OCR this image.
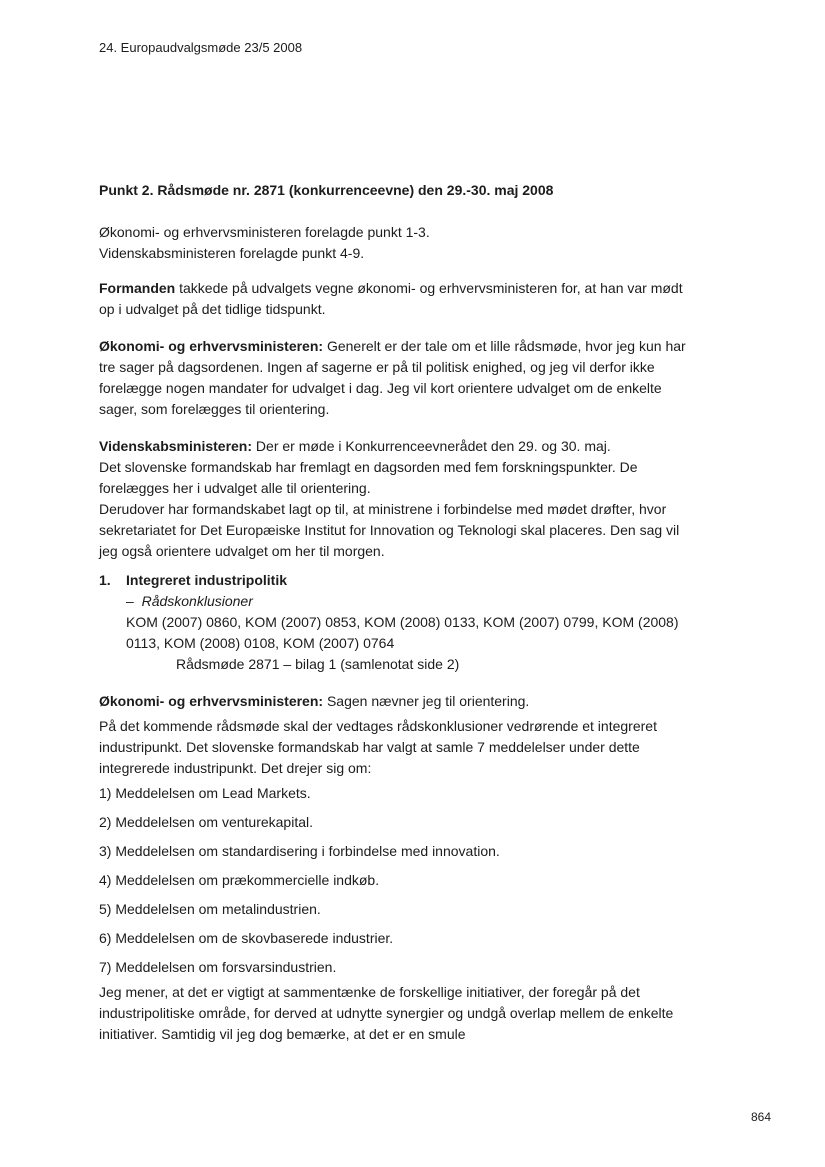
24. Europaudvalgsmøde 23/5 2008

Punkt 2. Rådsmøde nr. 2871 (konkurrenceevne) den 29.-30. maj 2008

Økonomi- og erhvervsministeren forelagde punkt 1-3.

Videnskabsministeren forelagde punkt 4-9.

Formanden takkede på udvalgets vegne økonomi- og erhvervsministeren for, at han var mødt op i udvalget på det tidlige tidspunkt.

Økonomi- og erhvervsministeren: Generelt er der tale om et lille rådsmøde, hvor jeg kun har tre sager på dagsordenen. Ingen af sagerne er på til politisk enighed, og jeg vil derfor ikke forelægge nogen mandater for udvalget i dag. Jeg vil kort orientere udvalget om de enkelte sager, som forelægges til orientering.

Videnskabsministeren: Der er møde i Konkurrenceevnerådet den 29. og 30. maj.

Det slovenske formandskab har fremlagt en dagsorden med fem forskningspunkter. De forelægges her i udvalget alle til orientering.

Derudover har formandskabet lagt op til, at ministrene i forbindelse med mødet drøfter, hvor sekretariatet for Det Europæiske Institut for Innovation og Teknologi skal placeres. Den sag vil jeg også orientere udvalget om her til morgen.

1. Integreret industripolitik

– Rådskonklusioner

KOM (2007) 0860, KOM (2007) 0853, KOM (2008) 0133, KOM (2007) 0799, KOM (2008) 0113, KOM (2008) 0108, KOM (2007) 0764

Rådsmøde 2871 – bilag 1 (samlenotat side 2)

Økonomi- og erhvervsministeren: Sagen nævner jeg til orientering.

På det kommende rådsmøde skal der vedtages rådskonklusioner vedrørende et integreret industripunkt. Det slovenske formandskab har valgt at samle 7 meddelelser under dette integrerede industripunkt. Det drejer sig om:

1) Meddelelsen om Lead Markets.

2) Meddelelsen om venturekapital.

3) Meddelelsen om standardisering i forbindelse med innovation.

4) Meddelelsen om prækommercielle indkøb.

5) Meddelelsen om metalindustrien.

6) Meddelelsen om de skovbaserede industrier.

7) Meddelelsen om forsvarsindustrien.

Jeg mener, at det er vigtigt at sammentænke de forskellige initiativer, der foregår på det industripolitiske område, for derved at udnytte synergier og undgå overlap mellem de enkelte initiativer. Samtidig vil jeg dog bemærke, at det er en smule

864
